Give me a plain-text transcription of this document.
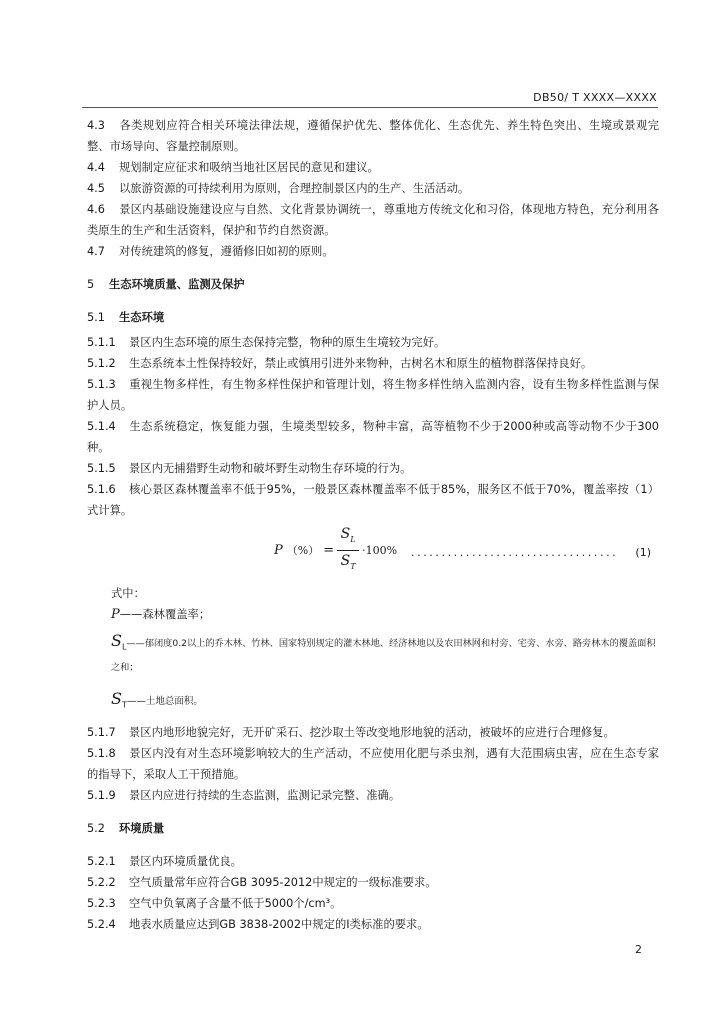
DB50/ T XXXX—XXXX

4.3 各类规划应符合相关环境法律法规，遵循保护优先、整体优化、生态优先、养生特色突出、生境或景观完整、市场导向、容量控制原则。

4.4 规划制定应征求和吸纳当地社区居民的意见和建议。

4.5 以旅游资源的可持续利用为原则，合理控制景区内的生产、生活活动。

4.6 景区内基础设施建设应与自然、文化背景协调统一，尊重地方传统文化和习俗，体现地方特色，充分利用各类原生的生产和生活资料，保护和节约自然资源。

4.7 对传统建筑的修复，遵循修旧如初的原则。

5 生态环境质量、监测及保护

5.1 生态环境

5.1.1 景区内生态环境的原生态保持完整，物种的原生生境较为完好。

5.1.2 生态系统本土性保持较好，禁止或慎用引进外来物种，古树名木和原生的植物群落保持良好。

5.1.3 重视生物多样性，有生物多样性保护和管理计划，将生物多样性纳入监测内容，设有生物多样性监测与保护人员。

5.1.4 生态系统稳定，恢复能力强，生境类型较多，物种丰富，高等植物不少于2000种或高等动物不少于300种。

5.1.5 景区内无捕猎野生动物和破坏野生动物生存环境的行为。

5.1.6 核心景区森林覆盖率不低于95%，一般景区森林覆盖率不低于85%，服务区不低于70%，覆盖率按（1）式计算。

P （%） = $\frac{S_L}{S_T} \cdot 100\%$ .................................. (1)

式中：

P——森林覆盖率；

$S_L——$郁闭度0.2以上的乔木林、竹林、国家特别规定的灌木林地、经济林地以及农田林网和村旁、宅旁、水旁、路旁林木的覆盖面积之和；

$S_T——$土地总面积。

5.1.7 景区内地形地貌完好，无开矿采石、挖沙取土等改变地形地貌的活动，被破坏的应进行合理修复。

5.1.8 景区内没有对生态环境影响较大的生产活动，不应使用化肥与杀虫剂，遇有大范围病虫害，应在生态专家的指导下，采取人工干预措施。

5.1.9 景区内应进行持续的生态监测，监测记录完整、准确。

5.2 环境质量

5.2.1 景区内环境质量优良。

5.2.2 空气质量常年应符合GB 3095-2012中规定的一级标准要求。

5.2.3 空气中负氧离子含量不低于5000个/cm³。

5.2.4 地表水质量应达到GB 3838-2002中规定的Ⅰ类标准的要求。

2
